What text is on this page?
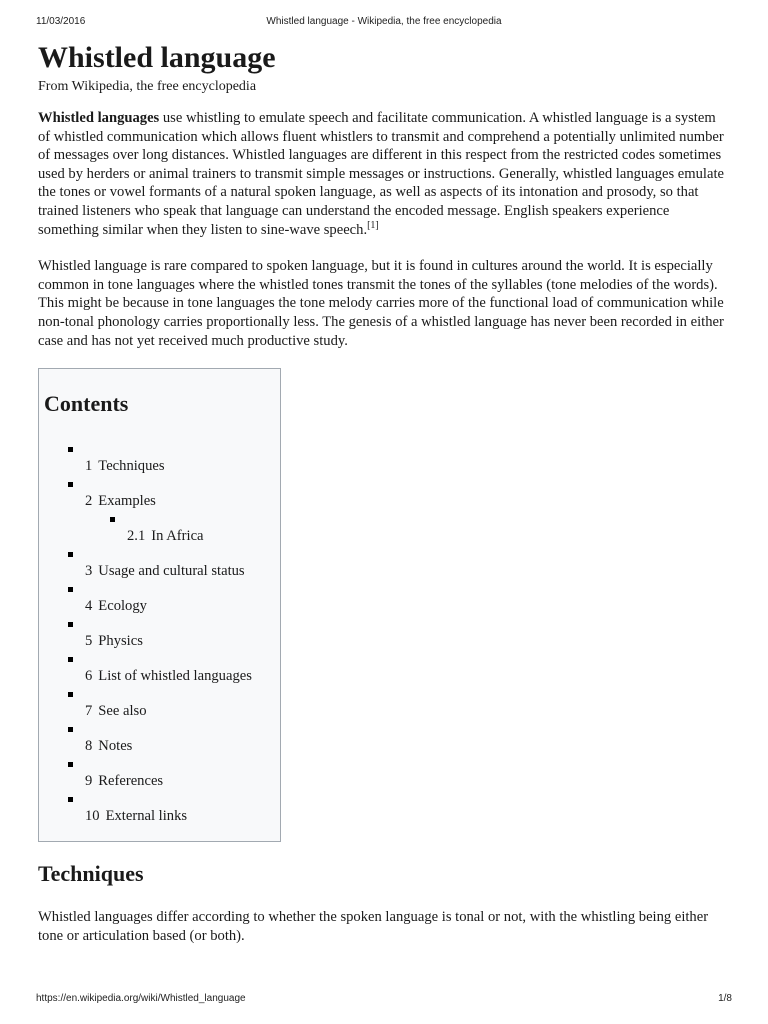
11/03/2016	Whistled language - Wikipedia, the free encyclopedia
Whistled language

From Wikipedia, the free encyclopedia

Whistled languages use whistling to emulate speech and facilitate communication. A whistled language is a system of whistled communication which allows fluent whistlers to transmit and comprehend a potentially unlimited number of messages over long distances. Whistled languages are different in this respect from the restricted codes sometimes used by herders or animal trainers to transmit simple messages or instructions. Generally, whistled languages emulate the tones or vowel formants of a natural spoken language, as well as aspects of its intonation and prosody, so that trained listeners who speak that language can understand the encoded message. English speakers experience something similar when they listen to sine-wave speech.[1]

Whistled language is rare compared to spoken language, but it is found in cultures around the world. It is especially common in tone languages where the whistled tones transmit the tones of the syllables (tone melodies of the words). This might be because in tone languages the tone melody carries more of the functional load of communication while non-tonal phonology carries proportionally less. The genesis of a whistled language has never been recorded in either case and has not yet received much productive study.

Contents
1 Techniques
2 Examples
2.1 In Africa
3 Usage and cultural status
4 Ecology
5 Physics
6 List of whistled languages
7 See also
8 Notes
9 References
10 External links
Techniques

Whistled languages differ according to whether the spoken language is tonal or not, with the whistling being either tone or articulation based (or both).

https://en.wikipedia.org/wiki/Whistled_language	1/8
